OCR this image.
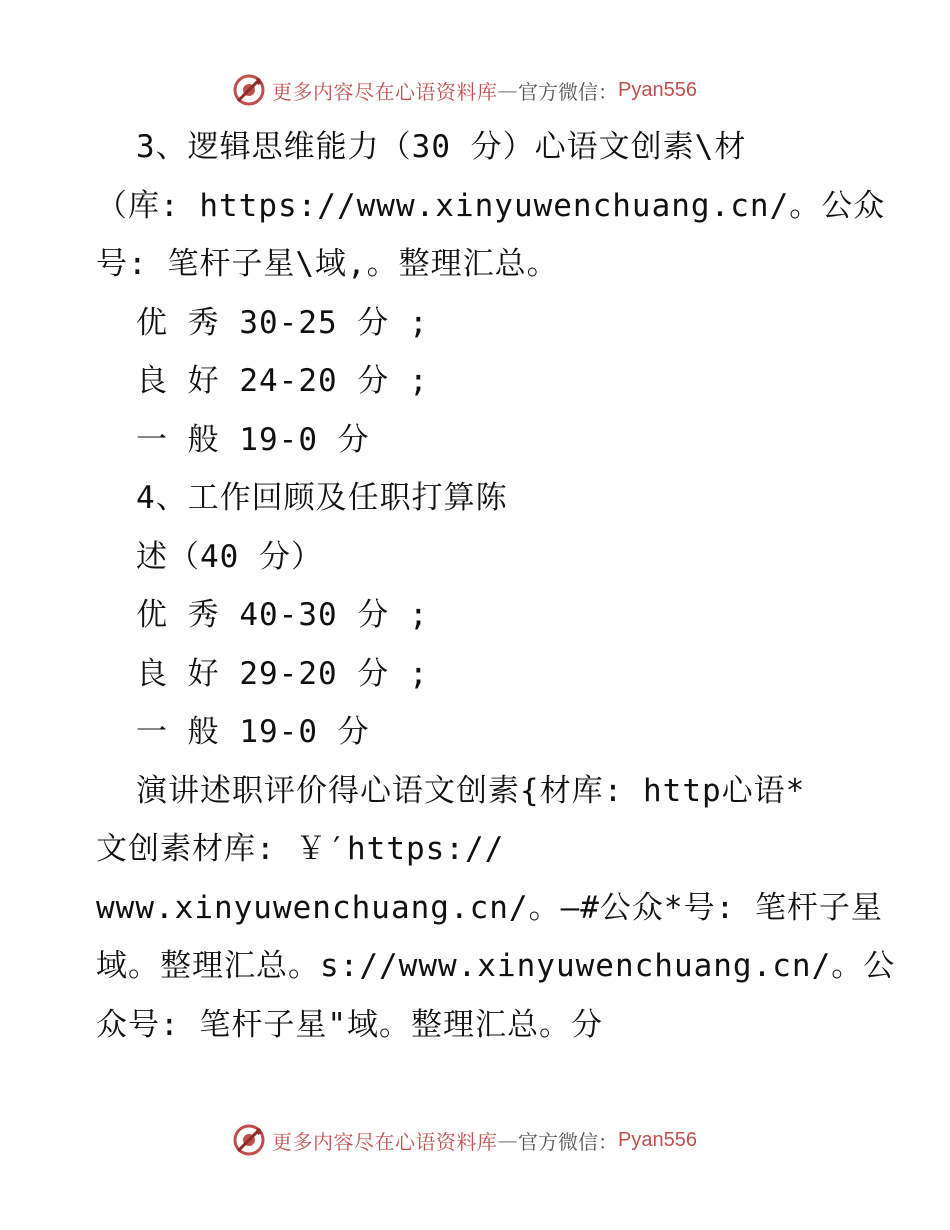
更多内容尽在心语资料库 — 官方微信： Pyan556
3、逻辑思维能力（30 分）心语文创素\材
（库: https://www.xinyuwenchuang.cn/。公众
号: 笔杆子星\域,。整理汇总。
优 秀 30-25 分 ;
良 好 24-20 分 ;
一 般 19-0 分
4、工作回顾及任职打算陈
述（40 分）
优 秀 40-30 分 ;
良 好 29-20 分 ;
一 般 19-0 分
演讲述职评价得心语文创素{材库: http心语*
文创素材库: ￥′https://
www.xinyuwenchuang.cn/。—#公众*号: 笔杆子星
域。整理汇总。s://www.xinyuwenchuang.cn/。公
众号: 笔杆子星"域。整理汇总。分
更多内容尽在心语资料库 — 官方微信： Pyan556
